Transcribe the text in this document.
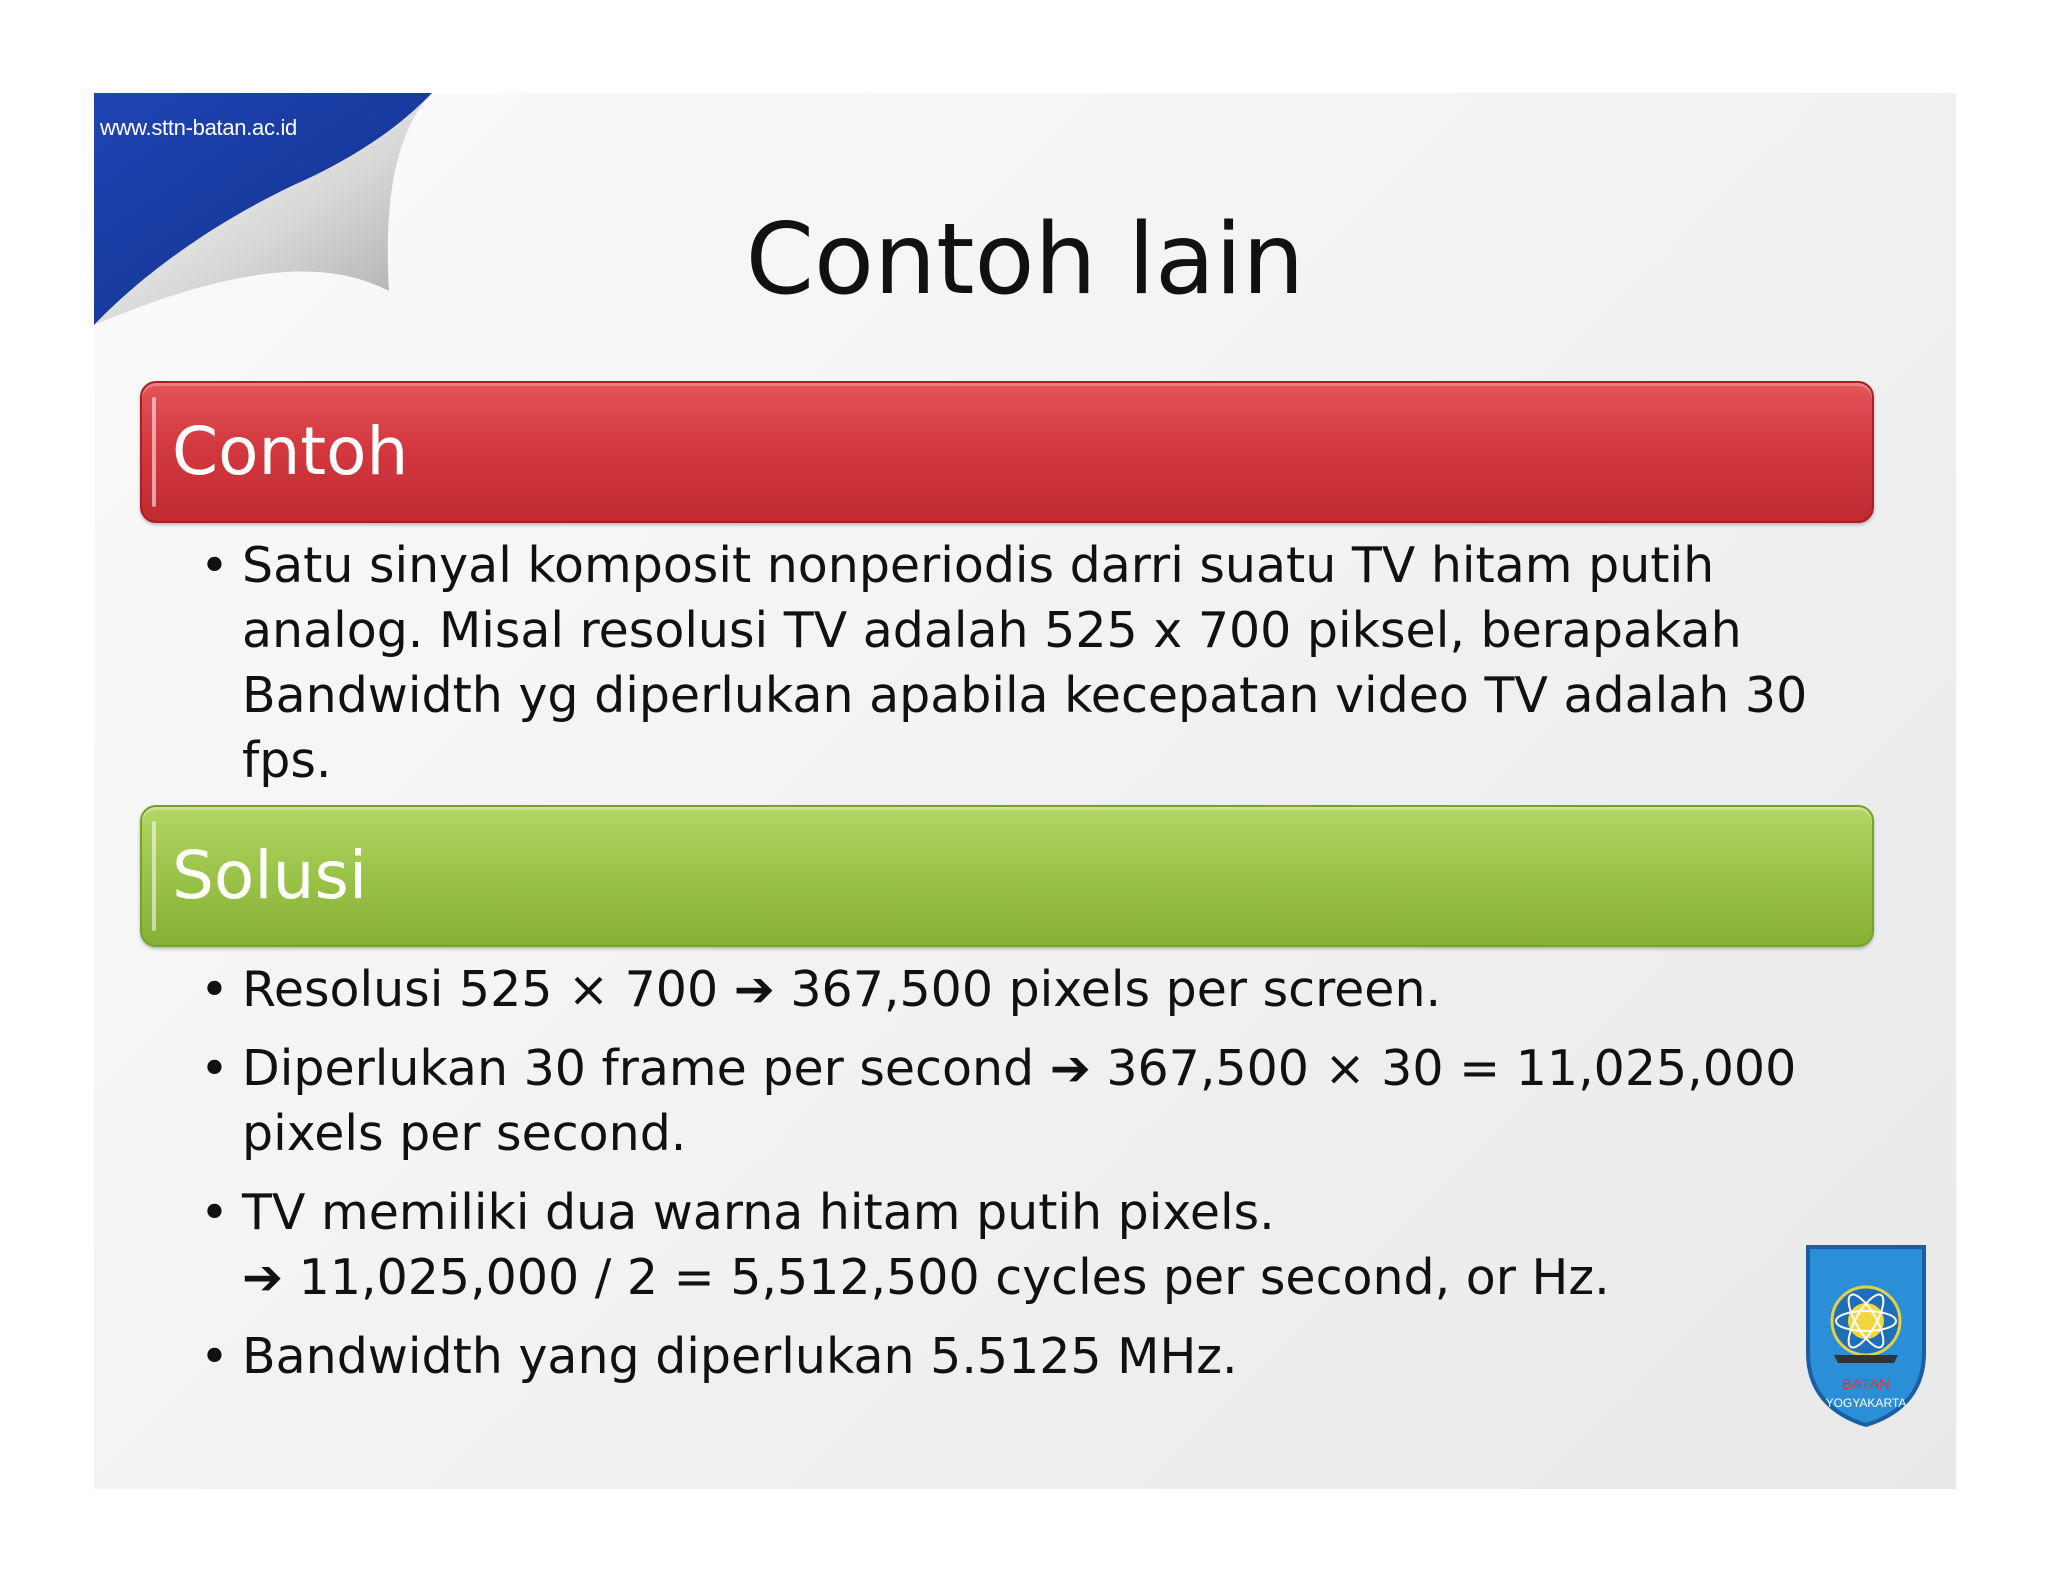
www.sttn-batan.ac.id
Contoh lain
Contoh
• Satu sinyal komposit nonperiodis darri suatu TV hitam putih analog. Misal resolusi TV adalah 525 x 700 piksel, berapakah Bandwidth yg diperlukan apabila kecepatan video TV adalah 30 fps.
Solusi
• Resolusi 525 × 700 ➔ 367,500 pixels per screen.
• Diperlukan 30 frame per second ➔ 367,500 × 30 = 11,025,000 pixels per second.
• TV memiliki dua warna hitam putih pixels.
➔ 11,025,000 / 2 = 5,512,500 cycles per second, or Hz.
• Bandwidth yang diperlukan 5.5125 MHz.	BATAN
YOGYAKARTA
